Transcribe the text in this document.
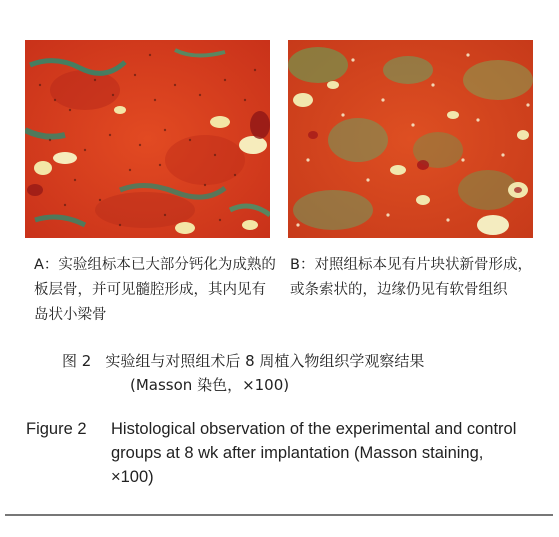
A：实验组标本已大部分钙化为成熟的板层骨，并可见髓腔形成，其内见有岛状小梁骨
B：对照组标本见有片块状新骨形成，或条索状的，边缘仍见有软骨组织
图 2 实验组与对照组术后 8 周植入物组织学观察结果
(Masson 染色，×100)
Figure 2 Histological observation of the experimental and control groups at 8 wk after implantation (Masson staining, ×100)
